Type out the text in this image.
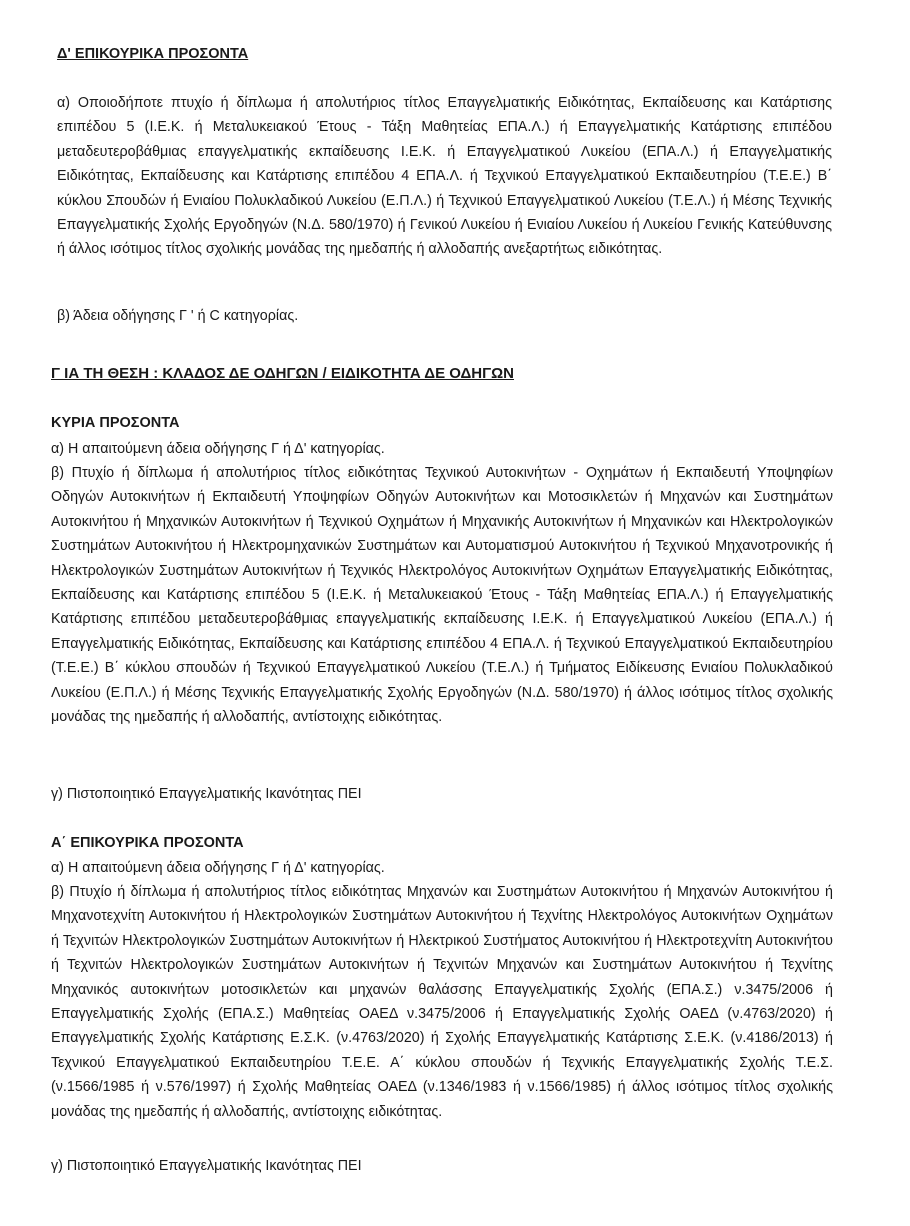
Δ' ΕΠΙΚΟΥΡΙΚΑ ΠΡΟΣΟΝΤΑ

α) Οποιοδήποτε πτυχίο ή δίπλωμα ή απολυτήριος τίτλος Επαγγελματικής Ειδικότητας, Εκπαίδευσης και Κατάρτισης επιπέδου 5 (Ι.Ε.Κ. ή Μεταλυκειακού Έτους - Τάξη Μαθητείας ΕΠΑ.Λ.) ή Επαγγελματικής Κατάρτισης επιπέδου μεταδευτεροβάθμιας επαγγελματικής εκπαίδευσης Ι.Ε.Κ. ή Επαγγελματικού Λυκείου (ΕΠΑ.Λ.) ή Επαγγελματικής Ειδικότητας, Εκπαίδευσης και Κατάρτισης επιπέδου 4 ΕΠΑ.Λ. ή Τεχνικού Επαγγελματικού Εκπαιδευτηρίου (Τ.Ε.Ε.) Β΄ κύκλου Σπουδών ή Ενιαίου Πολυκλαδικού Λυκείου (Ε.Π.Λ.) ή Τεχνικού Επαγγελματικού Λυκείου (Τ.Ε.Λ.) ή Μέσης Τεχνικής Επαγγελματικής Σχολής Εργοδηγών (Ν.Δ. 580/1970) ή Γενικού Λυκείου ή Ενιαίου Λυκείου ή Λυκείου Γενικής Κατεύθυνσης ή άλλος ισότιμος τίτλος σχολικής μονάδας της ημεδαπής ή αλλοδαπής ανεξαρτήτως ειδικότητας.

β) Άδεια οδήγησης Γ ' ή C κατηγορίας.

Γ ΙΑ ΤΗ ΘΕΣΗ : ΚΛΑΔΟΣ ΔΕ ΟΔΗΓΩΝ / ΕΙΔΙΚΟΤΗΤΑ ΔΕ ΟΔΗΓΩΝ
ΚΥΡΙΑ ΠΡΟΣΟΝΤΑ

α) Η απαιτούμενη άδεια οδήγησης Γ ή Δ' κατηγορίας.

β) Πτυχίο ή δίπλωμα ή απολυτήριος τίτλος ειδικότητας Τεχνικού Αυτοκινήτων - Οχημάτων ή Εκπαιδευτή Υποψηφίων Οδηγών Αυτοκινήτων ή Εκπαιδευτή Υποψηφίων Οδηγών Αυτοκινήτων και Μοτοσικλετών ή Μηχανών και Συστημάτων Αυτοκινήτου ή Μηχανικών Αυτοκινήτων ή Τεχνικού Οχημάτων ή Μηχανικής Αυτοκινήτων ή Μηχανικών και Ηλεκτρολογικών Συστημάτων Αυτοκινήτου ή Ηλεκτρομηχανικών Συστημάτων και Αυτοματισμού Αυτοκινήτου ή Τεχνικού Μηχανοτρονικής ή Ηλεκτρολογικών Συστημάτων Αυτοκινήτων ή Τεχνικός Ηλεκτρολόγος Αυτοκινήτων Οχημάτων Επαγγελματικής Ειδικότητας, Εκπαίδευσης και Κατάρτισης επιπέδου 5 (Ι.Ε.Κ. ή Μεταλυκειακού Έτους - Τάξη Μαθητείας ΕΠΑ.Λ.) ή Επαγγελματικής Κατάρτισης επιπέδου μεταδευτεροβάθμιας επαγγελματικής εκπαίδευσης Ι.Ε.Κ. ή Επαγγελματικού Λυκείου (ΕΠΑ.Λ.) ή Επαγγελματικής Ειδικότητας, Εκπαίδευσης και Κατάρτισης επιπέδου 4 ΕΠΑ.Λ. ή Τεχνικού Επαγγελματικού Εκπαιδευτηρίου (Τ.Ε.Ε.) Β΄ κύκλου σπουδών ή Τεχνικού Επαγγελματικού Λυκείου (Τ.Ε.Λ.) ή Τμήματος Ειδίκευσης Ενιαίου Πολυκλαδικού Λυκείου (Ε.Π.Λ.) ή Μέσης Τεχνικής Επαγγελματικής Σχολής Εργοδηγών (Ν.Δ. 580/1970) ή άλλος ισότιμος τίτλος σχολικής μονάδας της ημεδαπής ή αλλοδαπής, αντίστοιχης ειδικότητας.

γ) Πιστοποιητικό Επαγγελματικής Ικανότητας ΠΕΙ

Α΄ ΕΠΙΚΟΥΡΙΚΑ ΠΡΟΣΟΝΤΑ

α) Η απαιτούμενη άδεια οδήγησης Γ ή Δ' κατηγορίας.

β) Πτυχίο ή δίπλωμα ή απολυτήριος τίτλος ειδικότητας Μηχανών και Συστημάτων Αυτοκινήτου ή Μηχανών Αυτοκινήτου ή Μηχανοτεχνίτη Αυτοκινήτου ή Ηλεκτρολογικών Συστημάτων Αυτοκινήτου ή Τεχνίτης Ηλεκτρολόγος Αυτοκινήτων Οχημάτων ή Τεχνιτών Ηλεκτρολογικών Συστημάτων Αυτοκινήτων ή Ηλεκτρικού Συστήματος Αυτοκινήτου ή Ηλεκτροτεχνίτη Αυτοκινήτου ή Τεχνιτών Ηλεκτρολογικών Συστημάτων Αυτοκινήτων ή Τεχνιτών Μηχανών και Συστημάτων Αυτοκινήτου ή Τεχνίτης Μηχανικός αυτοκινήτων μοτοσικλετών και μηχανών θαλάσσης Επαγγελματικής Σχολής (ΕΠΑ.Σ.) ν.3475/2006 ή Επαγγελματικής Σχολής (ΕΠΑ.Σ.) Μαθητείας ΟΑΕΔ ν.3475/2006 ή Επαγγελματικής Σχολής ΟΑΕΔ (ν.4763/2020) ή Επαγγελματικής Σχολής Κατάρτισης Ε.Σ.Κ. (ν.4763/2020) ή Σχολής Επαγγελματικής Κατάρτισης Σ.Ε.Κ. (ν.4186/2013) ή Τεχνικού Επαγγελματικού Εκπαιδευτηρίου Τ.Ε.Ε. Α΄ κύκλου σπουδών ή Τεχνικής Επαγγελματικής Σχολής Τ.Ε.Σ. (ν.1566/1985 ή ν.576/1997) ή Σχολής Μαθητείας ΟΑΕΔ (ν.1346/1983 ή ν.1566/1985) ή άλλος ισότιμος τίτλος σχολικής μονάδας της ημεδαπής ή αλλοδαπής, αντίστοιχης ειδικότητας.

γ) Πιστοποιητικό Επαγγελματικής Ικανότητας ΠΕΙ
